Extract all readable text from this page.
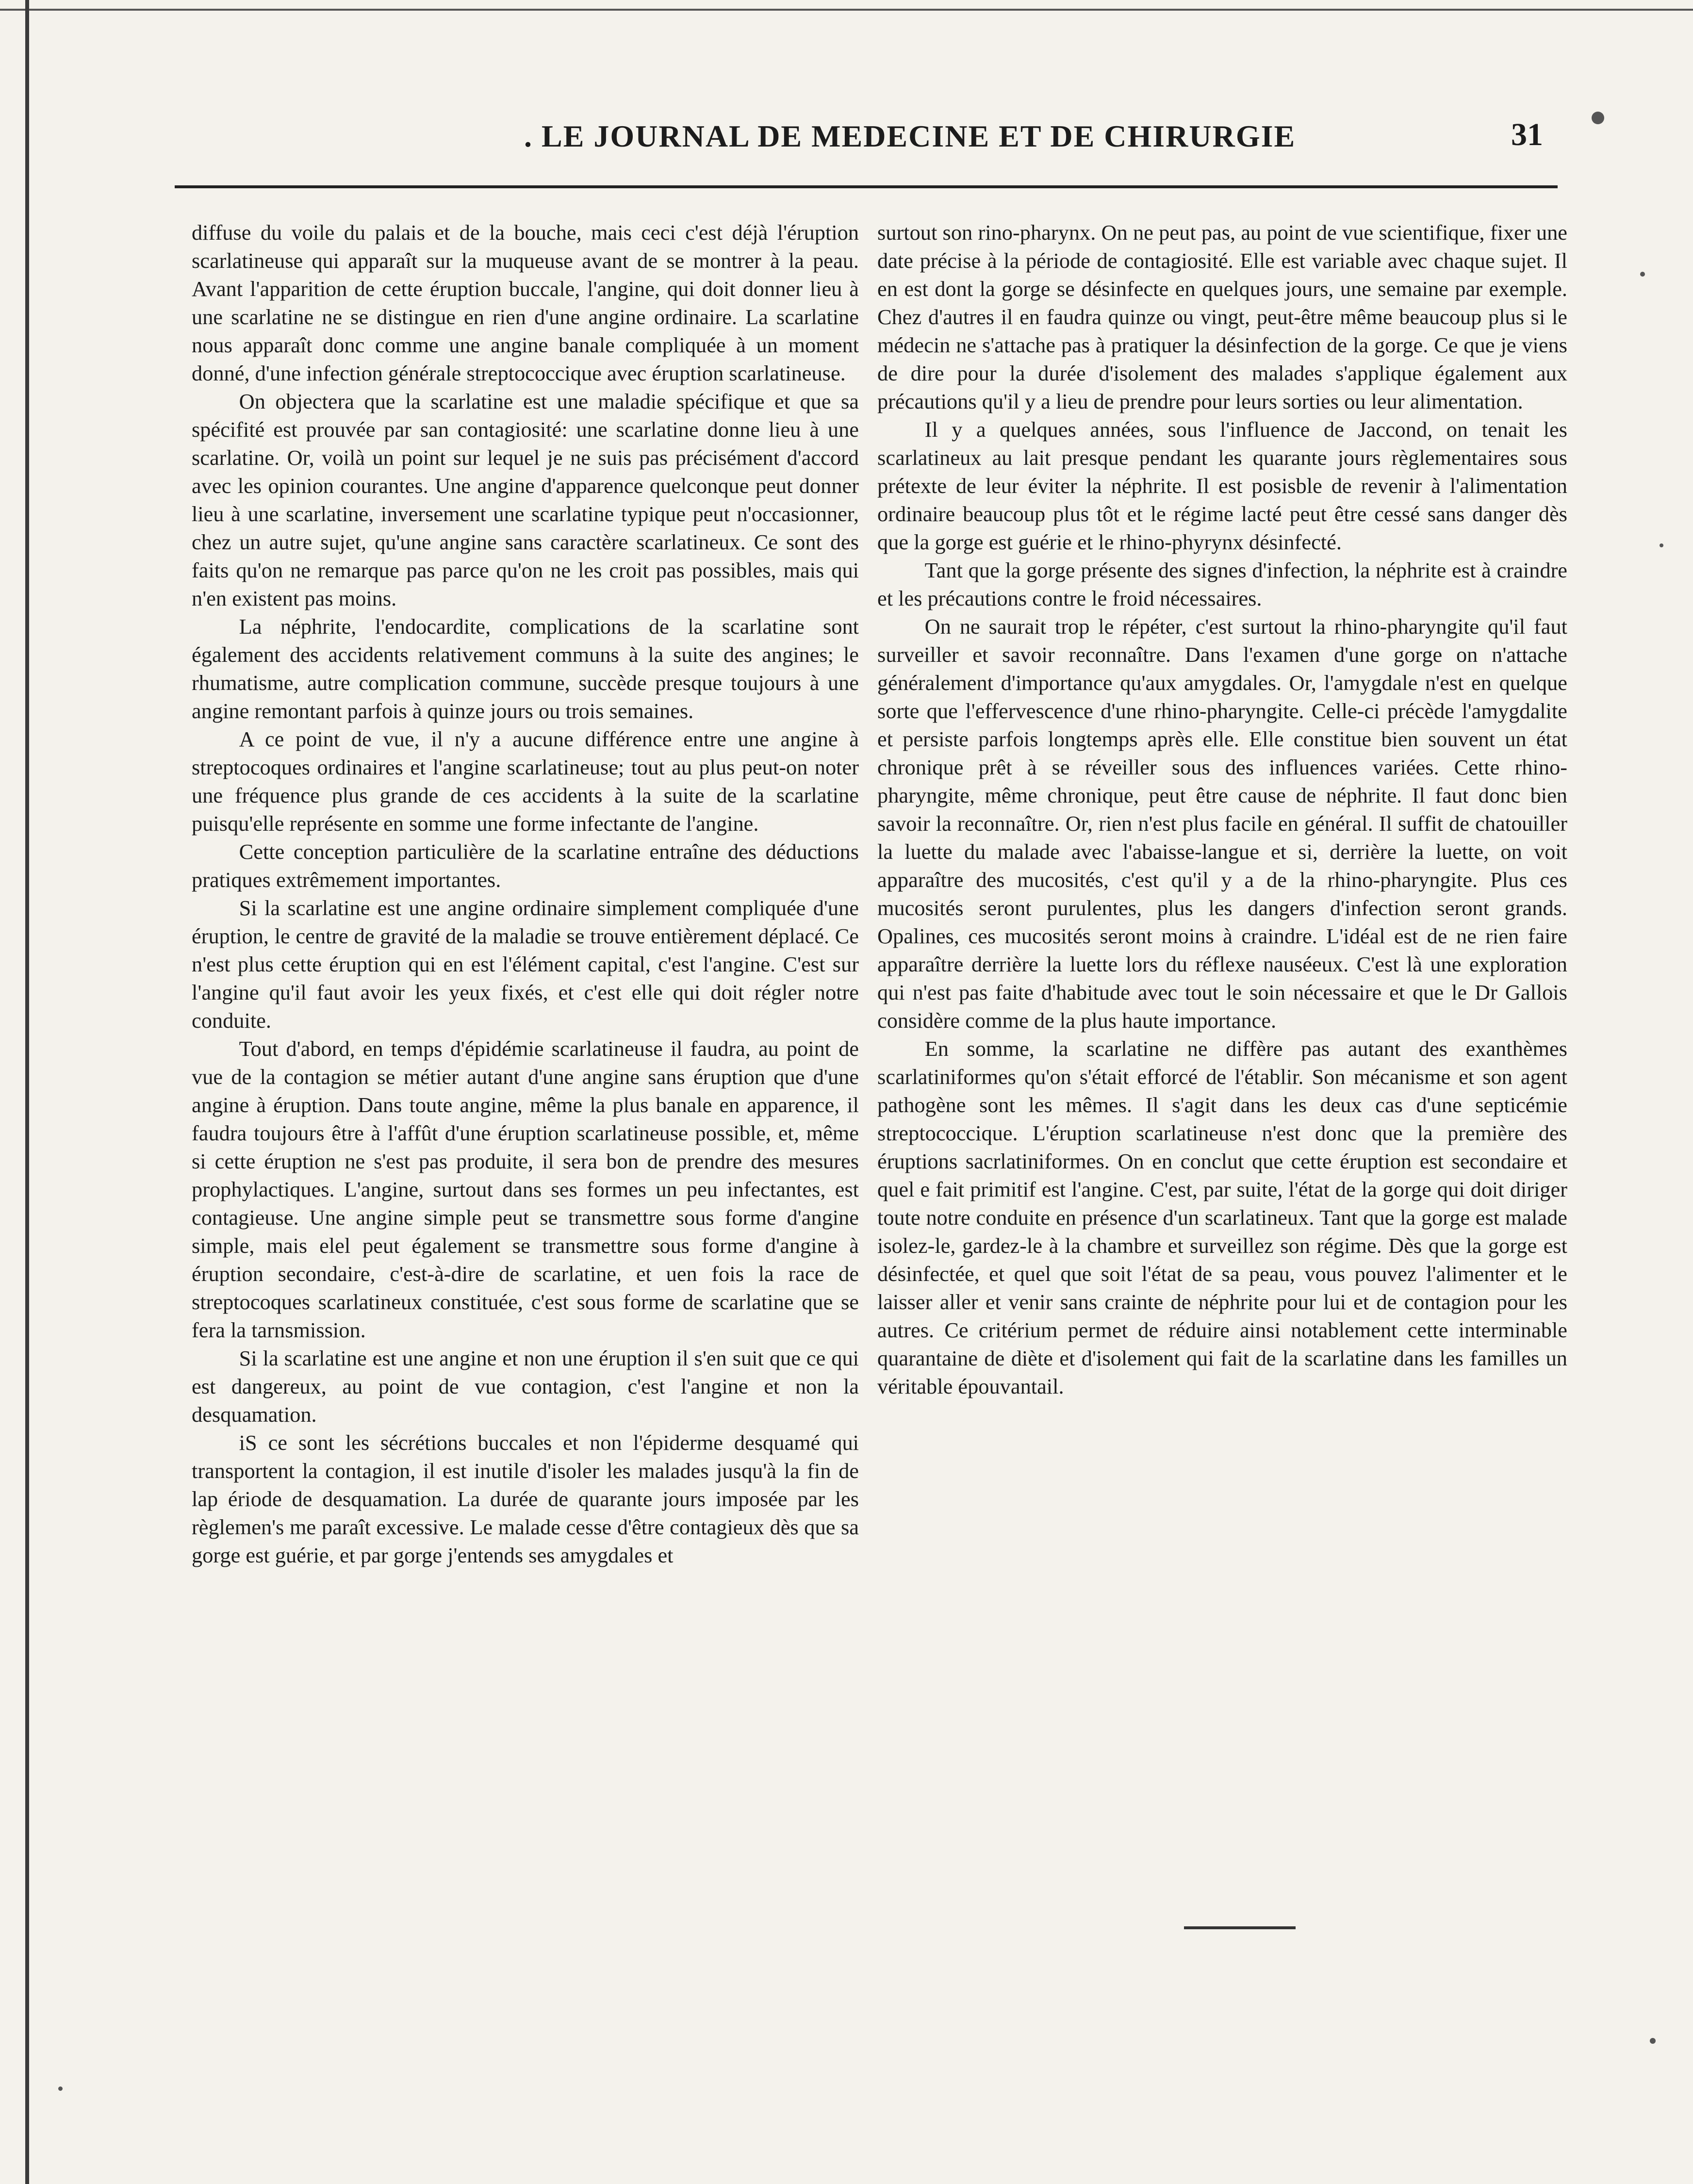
. LE JOURNAL DE MEDECINE ET DE CHIRURGIE	31

diffuse du voile du palais et de la bouche, mais ceci c'est déjà l'éruption scarlatineuse qui apparaît sur la muqueuse avant de se montrer à la peau. Avant l'apparition de cette éruption buccale, l'angine, qui doit donner lieu à une scarlatine ne se distingue en rien d'une angine ordinaire. La scarlatine nous apparaît donc comme une angine banale compliquée à un moment donné, d'une infection générale streptococcique avec éruption scarlatineuse.

On objectera que la scarlatine est une maladie spécifique et que sa spécifité est prouvée par san contagiosité: une scarlatine donne lieu à une scarlatine. Or, voilà un point sur lequel je ne suis pas précisément d'accord avec les opinion courantes. Une angine d'apparence quelconque peut donner lieu à une scarlatine, inversement une scarlatine typique peut n'occasionner, chez un autre sujet, qu'une angine sans caractère scarlatineux. Ce sont des faits qu'on ne remarque pas parce qu'on ne les croit pas possibles, mais qui n'en existent pas moins.

La néphrite, l'endocardite, complications de la scarlatine sont également des accidents relativement communs à la suite des angines; le rhumatisme, autre complication commune, succède presque toujours à une angine remontant parfois à quinze jours ou trois semaines.

A ce point de vue, il n'y a aucune différence entre une angine à streptocoques ordinaires et l'angine scarlatineuse; tout au plus peut-on noter une fréquence plus grande de ces accidents à la suite de la scarlatine puisqu'elle représente en somme une forme infectante de l'angine.

Cette conception particulière de la scarlatine entraîne des déductions pratiques extrêmement importantes.

Si la scarlatine est une angine ordinaire simplement compliquée d'une éruption, le centre de gravité de la maladie se trouve entièrement déplacé. Ce n'est plus cette éruption qui en est l'élément capital, c'est l'angine. C'est sur l'angine qu'il faut avoir les yeux fixés, et c'est elle qui doit régler notre conduite.

Tout d'abord, en temps d'épidémie scarlatineuse il faudra, au point de vue de la contagion se métier autant d'une angine sans éruption que d'une angine à éruption. Dans toute angine, même la plus banale en apparence, il faudra toujours être à l'affût d'une éruption scarlatineuse possible, et, même si cette éruption ne s'est pas produite, il sera bon de prendre des mesures prophylactiques. L'angine, surtout dans ses formes un peu infectantes, est contagieuse. Une angine simple peut se transmettre sous forme d'angine simple, mais elel peut également se transmettre sous forme d'angine à éruption secondaire, c'est-à-dire de scarlatine, et uen fois la race de streptocoques scarlatineux constituée, c'est sous forme de scarlatine que se fera la tarnsmission.

Si la scarlatine est une angine et non une éruption il s'en suit que ce qui est dangereux, au point de vue contagion, c'est l'angine et non la desquamation.

iS ce sont les sécrétions buccales et non l'épiderme desquamé qui transportent la contagion, il est inutile d'isoler les malades jusqu'à la fin de lap ériode de desquamation. La durée de quarante jours imposée par les règlemen's me paraît excessive. Le malade cesse d'être contagieux dès que sa gorge est guérie, et par gorge j'entends ses amygdales et

surtout son rino-pharynx. On ne peut pas, au point de vue scientifique, fixer une date précise à la période de contagiosité. Elle est variable avec chaque sujet. Il en est dont la gorge se désinfecte en quelques jours, une semaine par exemple. Chez d'autres il en faudra quinze ou vingt, peut-être même beaucoup plus si le médecin ne s'attache pas à pratiquer la désinfection de la gorge. Ce que je viens de dire pour la durée d'isolement des malades s'applique également aux précautions qu'il y a lieu de prendre pour leurs sorties ou leur alimentation.

Il y a quelques années, sous l'influence de Jaccond, on tenait les scarlatineux au lait presque pendant les quarante jours règlementaires sous prétexte de leur éviter la néphrite. Il est posisble de revenir à l'alimentation ordinaire beaucoup plus tôt et le régime lacté peut être cessé sans danger dès que la gorge est guérie et le rhino-phyrynx désinfecté.

Tant que la gorge présente des signes d'infection, la néphrite est à craindre et les précautions contre le froid nécessaires.

On ne saurait trop le répéter, c'est surtout la rhino-pharyngite qu'il faut surveiller et savoir reconnaître. Dans l'examen d'une gorge on n'attache généralement d'importance qu'aux amygdales. Or, l'amygdale n'est en quelque sorte que l'effervescence d'une rhino-pharyngite. Celle-ci précède l'amygdalite et persiste parfois longtemps après elle. Elle constitue bien souvent un état chronique prêt à se réveiller sous des influences variées. Cette rhino-pharyngite, même chronique, peut être cause de néphrite. Il faut donc bien savoir la reconnaître. Or, rien n'est plus facile en général. Il suffit de chatouiller la luette du malade avec l'abaisse-langue et si, derrière la luette, on voit apparaître des mucosités, c'est qu'il y a de la rhino-pharyngite. Plus ces mucosités seront purulentes, plus les dangers d'infection seront grands. Opalines, ces mucosités seront moins à craindre. L'idéal est de ne rien faire apparaître derrière la luette lors du réflexe nauséeux. C'est là une exploration qui n'est pas faite d'habitude avec tout le soin nécessaire et que le Dr Gallois considère comme de la plus haute importance.

En somme, la scarlatine ne diffère pas autant des exanthèmes scarlatiniformes qu'on s'était efforcé de l'établir. Son mécanisme et son agent pathogène sont les mêmes. Il s'agit dans les deux cas d'une septicémie streptococcique. L'éruption scarlatineuse n'est donc que la première des éruptions sacrlatiniformes. On en conclut que cette éruption est secondaire et quel e fait primitif est l'angine. C'est, par suite, l'état de la gorge qui doit diriger toute notre conduite en présence d'un scarlatineux. Tant que la gorge est malade isolez-le, gardez-le à la chambre et surveillez son régime. Dès que la gorge est désinfectée, et quel que soit l'état de sa peau, vous pouvez l'alimenter et le laisser aller et venir sans crainte de néphrite pour lui et de contagion pour les autres. Ce critérium permet de réduire ainsi notablement cette interminable quarantaine de diète et d'isolement qui fait de la scarlatine dans les familles un véritable épouvantail.
